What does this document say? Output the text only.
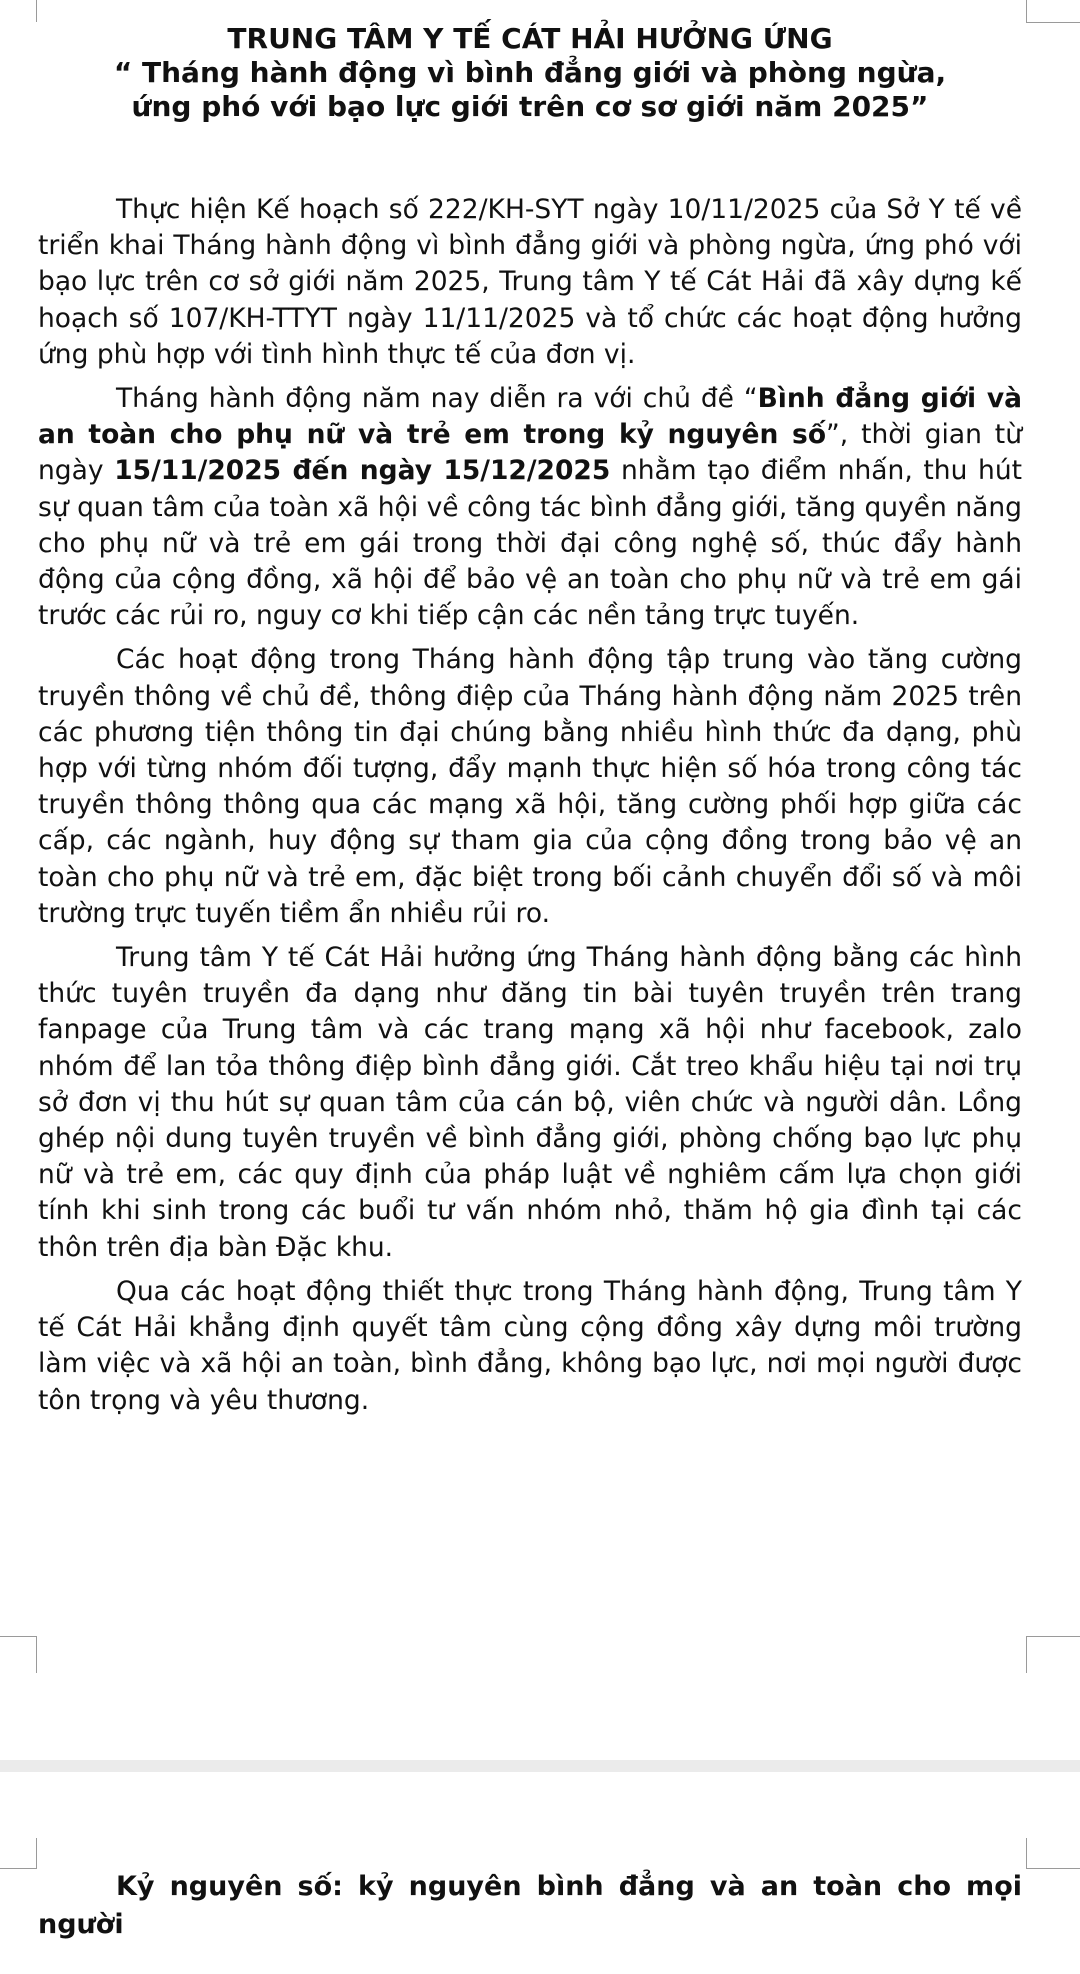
TRUNG TÂM Y TẾ CÁT HẢI HƯỞNG ỨNG
“ Tháng hành động vì bình đẳng giới và phòng ngừa,
ứng phó với bạo lực giới trên cơ sơ giới năm 2025”

Thực hiện Kế hoạch số 222/KH-SYT ngày 10/11/2025 của Sở Y tế về triển khai Tháng hành động vì bình đẳng giới và phòng ngừa, ứng phó với bạo lực trên cơ sở giới năm 2025, Trung tâm Y tế Cát Hải đã xây dựng kế hoạch số 107/KH-TTYT ngày 11/11/2025 và tổ chức các hoạt động hưởng ứng phù hợp với tình hình thực tế của đơn vị.

Tháng hành động năm nay diễn ra với chủ đề “Bình đẳng giới và an toàn cho phụ nữ và trẻ em trong kỷ nguyên số”, thời gian từ ngày 15/11/2025 đến ngày 15/12/2025 nhằm tạo điểm nhấn, thu hút sự quan tâm của toàn xã hội về công tác bình đẳng giới, tăng quyền năng cho phụ nữ và trẻ em gái trong thời đại công nghệ số, thúc đẩy hành động của cộng đồng, xã hội để bảo vệ an toàn cho phụ nữ và trẻ em gái trước các rủi ro, nguy cơ khi tiếp cận các nền tảng trực tuyến.

Các hoạt động trong Tháng hành động tập trung vào tăng cường truyền thông về chủ đề, thông điệp của Tháng hành động năm 2025 trên các phương tiện thông tin đại chúng bằng nhiều hình thức đa dạng, phù hợp với từng nhóm đối tượng, đẩy mạnh thực hiện số hóa trong công tác truyền thông thông qua các mạng xã hội, tăng cường phối hợp giữa các cấp, các ngành, huy động sự tham gia của cộng đồng trong bảo vệ an toàn cho phụ nữ và trẻ em, đặc biệt trong bối cảnh chuyển đổi số và môi trường trực tuyến tiềm ẩn nhiều rủi ro.

Trung tâm Y tế Cát Hải hưởng ứng Tháng hành động bằng các hình thức tuyên truyền đa dạng như đăng tin bài tuyên truyền trên trang fanpage của Trung tâm và các trang mạng xã hội như facebook, zalo nhóm để lan tỏa thông điệp bình đẳng giới. Cắt treo khẩu hiệu tại nơi trụ sở đơn vị thu hút sự quan tâm của cán bộ, viên chức và người dân. Lồng ghép nội dung tuyên truyền về bình đẳng giới, phòng chống bạo lực phụ nữ và trẻ em, các quy định của pháp luật về nghiêm cấm lựa chọn giới tính khi sinh trong các buổi tư vấn nhóm nhỏ, thăm hộ gia đình tại các thôn trên địa bàn Đặc khu.

Qua các hoạt động thiết thực trong Tháng hành động, Trung tâm Y tế Cát Hải khẳng định quyết tâm cùng cộng đồng xây dựng môi trường làm việc và xã hội an toàn, bình đẳng, không bạo lực, nơi mọi người được tôn trọng và yêu thương.

Kỷ nguyên số: kỷ nguyên bình đẳng và an toàn cho mọi người
